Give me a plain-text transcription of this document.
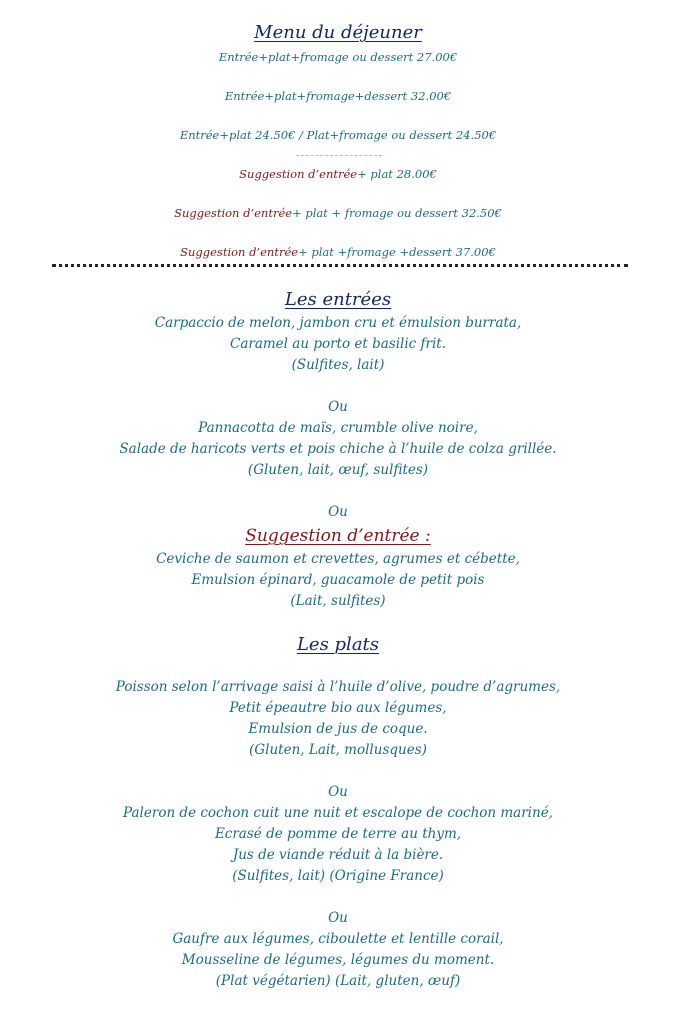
Menu du déjeuner
Entrée+plat+fromage ou dessert 27.00€
Entrée+plat+fromage+dessert 32.00€
Entrée+plat 24.50€ / Plat+fromage ou dessert 24.50€
Suggestion d’entrée+ plat 28.00€
Suggestion d’entrée+ plat + fromage ou dessert 32.50€
Suggestion d’entrée+ plat +fromage +dessert 37.00€
Les entrées
Carpaccio de melon, jambon cru et émulsion burrata,
Caramel au porto et basilic frit.
(Sulfites, lait)
Ou
Pannacotta de maïs, crumble olive noire,
Salade de haricots verts et pois chiche à l’huile de colza grillée.
(Gluten, lait, œuf, sulfites)
Ou
Suggestion d’entrée :
Ceviche de saumon et crevettes, agrumes et cébette,
Emulsion épinard, guacamole de petit pois
(Lait, sulfites)
Les plats
Poisson selon l’arrivage saisi à l’huile d’olive, poudre d’agrumes,
Petit épeautre bio aux légumes,
Emulsion de jus de coque.
(Gluten, Lait, mollusques)
Ou
Paleron de cochon cuit une nuit et escalope de cochon mariné,
Ecrasé de pomme de terre au thym,
Jus de viande réduit à la bière.
(Sulfites, lait) (Origine France)
Ou
Gaufre aux légumes, ciboulette et lentille corail,
Mousseline de légumes, légumes du moment.
(Plat végétarien) (Lait, gluten, œuf)
